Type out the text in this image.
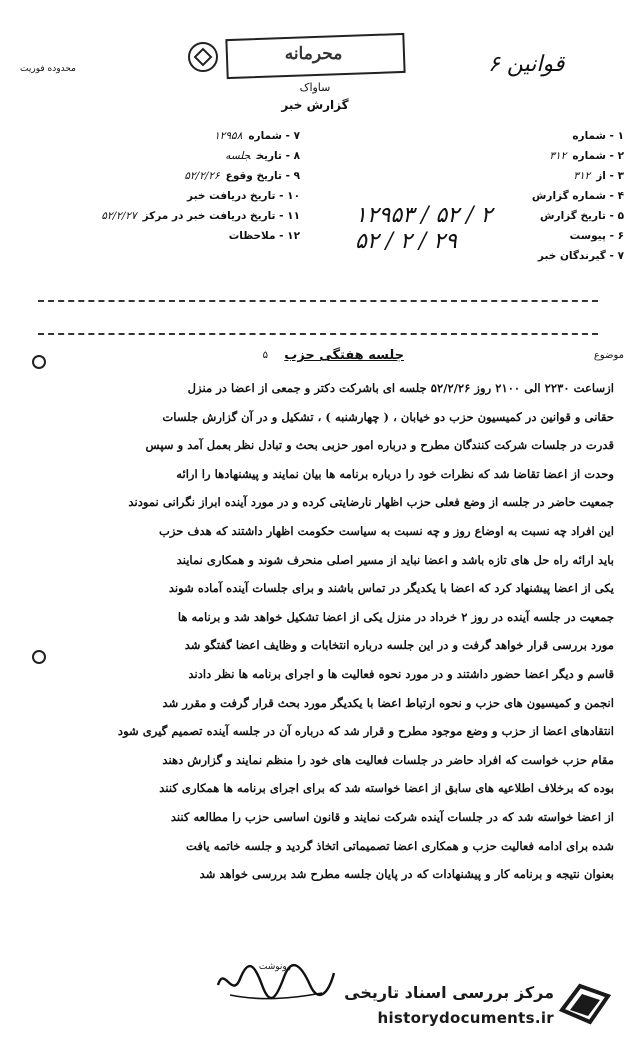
محرمانه
محدوده فوریت	قوانین ۶
ساواک
گزارش خبر
۷ - شماره۱۲۹۵۸
۸ - تاریخجلسه
۹ - تاریخ وقوع۵۲/۲/۲۶
۱۰ - تاریخ دریافت خبر
۱۱ - تاریخ دریافت خبر در مرکز۵۲/۲/۲۷
۱۲ - ملاحظات
۱ - شماره
۲ - شماره۳۱۲
۳ - از۳۱۲
۴ - شماره گزارش
۵ - تاریخ گزارش
۶ - پیوست
۷ - گیرندگان خبر
۱۲۹۵۳ / ۵۲ / ۲
۵۲ / ۲ / ۲۹
موضوع
جلسه هفتگی حزب
۵
ازساعت ۲۲۳۰ الی ۲۱۰۰ روز ۵۲/۲/۲۶ جلسه ای باشرکت دکتر و جمعی از اعضا در منزل
حقانی و قوانین در کمیسیون حزب دو خیابان ، ( چهارشنبه ) ، تشکیل و در آن گزارش جلسات
قدرت در جلسات شرکت کنندگان مطرح و درباره امور حزبی بحث و تبادل نظر بعمل آمد و سپس
وحدت از اعضا تقاضا شد که نظرات خود را درباره برنامه ها بیان نمایند و پیشنهادها را ارائه
جمعیت حاضر در جلسه از وضع فعلی حزب اظهار نارضایتی کرده و در مورد آینده ابراز نگرانی نمودند
این افراد چه نسبت به اوضاع روز و چه نسبت به سیاست حکومت اظهار داشتند که هدف حزب
باید ارائه راه حل های تازه باشد و اعضا نباید از مسیر اصلی منحرف شوند و همکاری نمایند
یکی از اعضا پیشنهاد کرد که اعضا با یکدیگر در تماس باشند و برای جلسات آینده آماده شوند
جمعیت در جلسه آینده در روز ۲ خرداد در منزل یکی از اعضا تشکیل خواهد شد و برنامه ها
مورد بررسی قرار خواهد گرفت و در این جلسه درباره انتخابات و وظایف اعضا گفتگو شد
قاسم و دیگر اعضا حضور داشتند و در مورد نحوه فعالیت ها و اجرای برنامه ها نظر دادند
انجمن و کمیسیون های حزب و نحوه ارتباط اعضا با یکدیگر مورد بحث قرار گرفت و مقرر شد
انتقادهای اعضا از حزب و وضع موجود مطرح و قرار شد که درباره آن در جلسه آینده تصمیم گیری شود
مقام حزب خواست که افراد حاضر در جلسات فعالیت های خود را منظم نمایند و گزارش دهند
بوده که برخلاف اطلاعیه های سابق از اعضا خواسته شد که برای اجرای برنامه ها همکاری کنند
از اعضا خواسته شد که در جلسات آینده شرکت نمایند و قانون اساسی حزب را مطالعه کنند
شده برای ادامه فعالیت حزب و همکاری اعضا تصمیماتی اتخاذ گردید و جلسه خاتمه یافت
بعنوان نتیجه و برنامه کار و پیشنهادات که در پایان جلسه مطرح شد بررسی خواهد شد
رونوشت
مرکز بررسی اسناد تاریخی
historydocuments.ir
